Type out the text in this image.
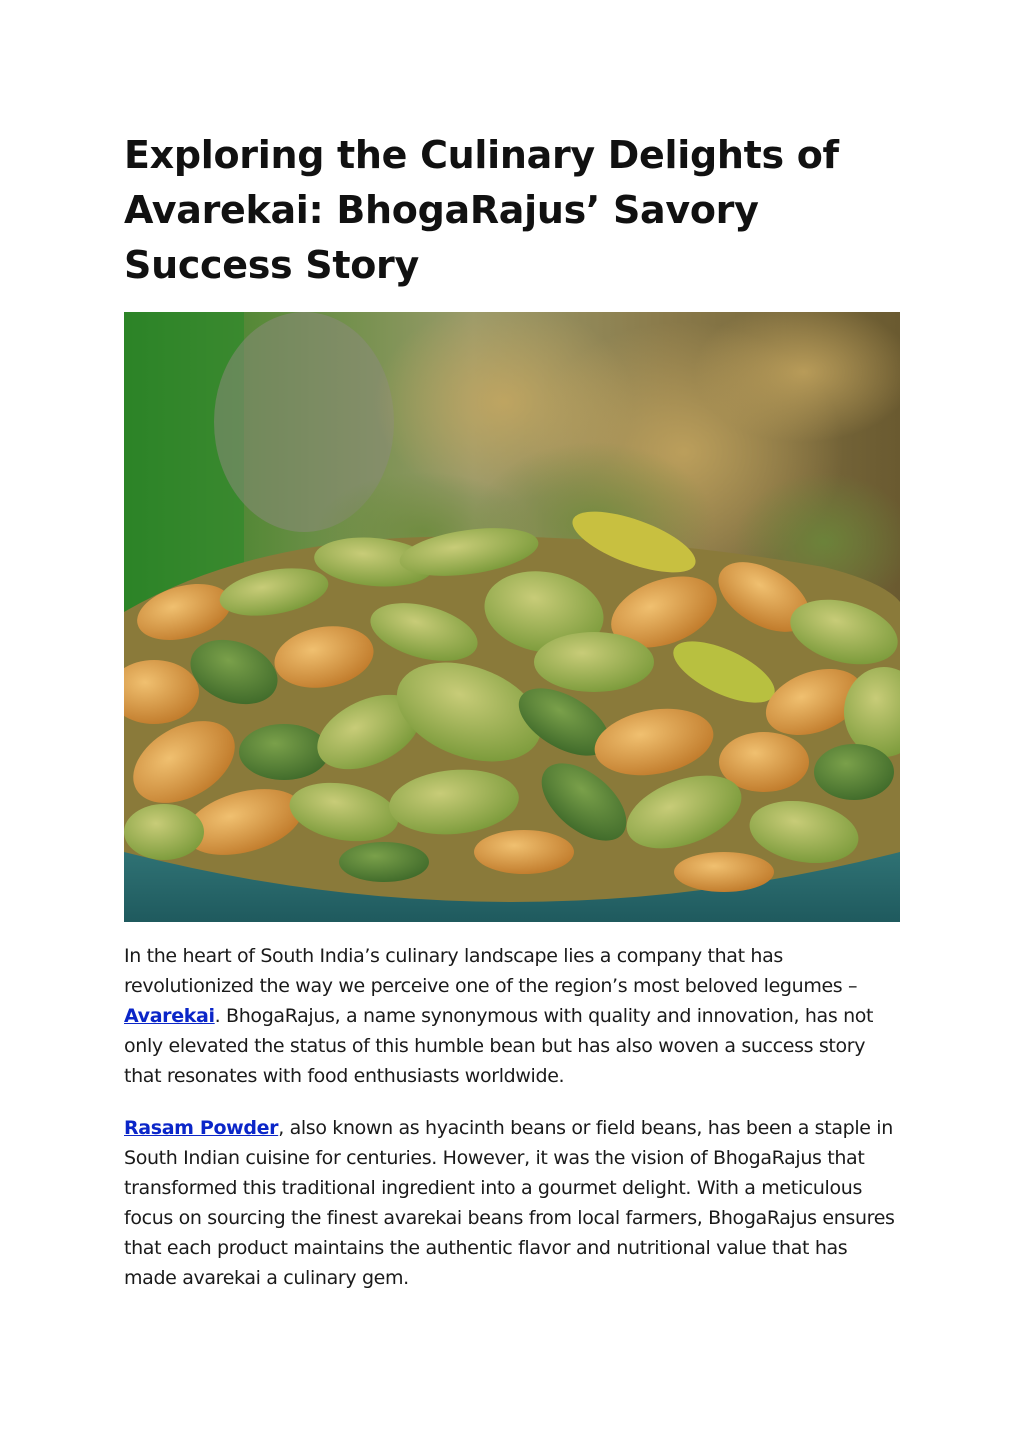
Exploring the Culinary Delights of Avarekai: BhogaRajus’ Savory Success Story

In the heart of South India’s culinary landscape lies a company that has revolutionized the way we perceive one of the region’s most beloved legumes – Avarekai. BhogaRajus, a name synonymous with quality and innovation, has not only elevated the status of this humble bean but has also woven a success story that resonates with food enthusiasts worldwide.

Rasam Powder, also known as hyacinth beans or field beans, has been a staple in South Indian cuisine for centuries. However, it was the vision of BhogaRajus that transformed this traditional ingredient into a gourmet delight. With a meticulous focus on sourcing the finest avarekai beans from local farmers, BhogaRajus ensures that each product maintains the authentic flavor and nutritional value that has made avarekai a culinary gem.
